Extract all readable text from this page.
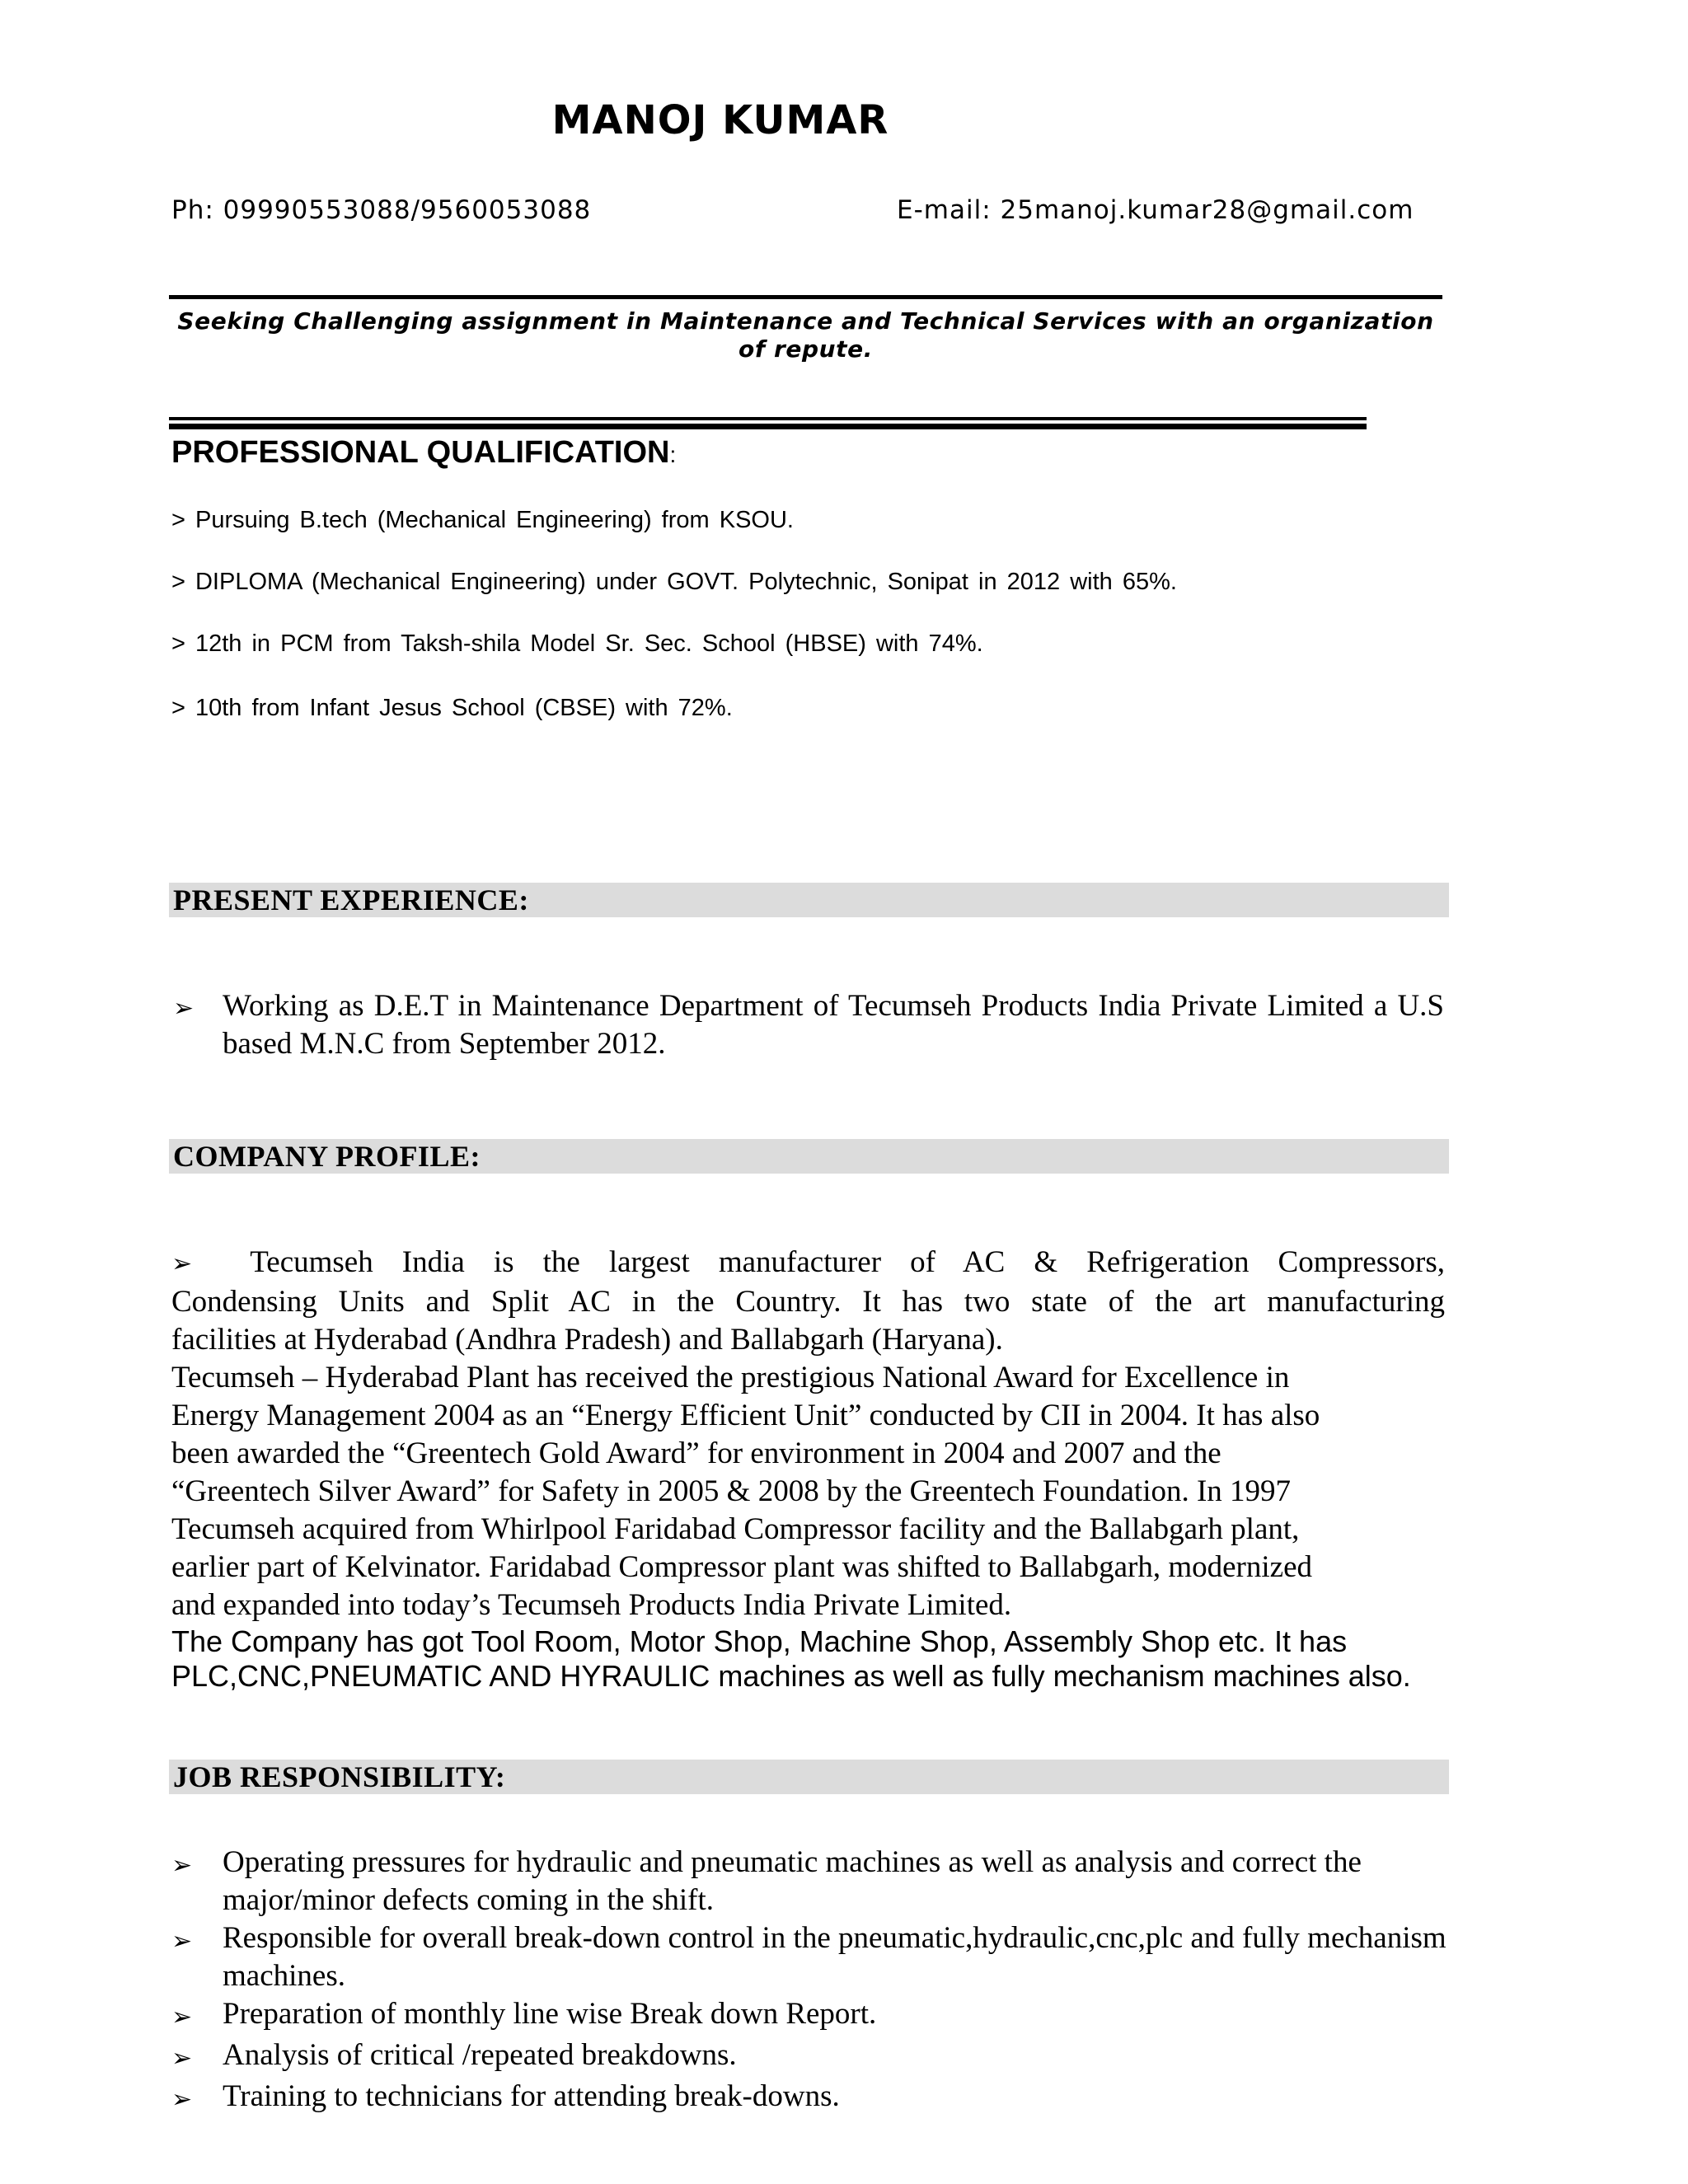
MANOJ KUMAR
Ph: 09990553088/9560053088	E-mail: 25manoj.kumar28@gmail.com
Seeking Challenging assignment in Maintenance and Technical Services with an organization of repute.
PROFESSIONAL QUALIFICATION:
> Pursuing B.tech (Mechanical Engineering) from KSOU.
> DIPLOMA (Mechanical Engineering) under GOVT. Polytechnic, Sonipat in 2012 with 65%.
> 12th in PCM from Taksh-shila Model Sr. Sec. School (HBSE) with 74%.
> 10th from Infant Jesus School (CBSE) with 72%.
PRESENT EXPERIENCE:
➢ Working as D.E.T in Maintenance Department of Tecumseh Products India Private Limited a U.S based M.N.C from September 2012.
COMPANY PROFILE:

➢ Tecumseh India is the largest manufacturer of AC & Refrigeration Compressors,

Condensing Units and Split AC in the Country. It has two state of the art manufacturing

facilities at Hyderabad (Andhra Pradesh) and Ballabgarh (Haryana).

Tecumseh – Hyderabad Plant has received the prestigious National Award for Excellence in

Energy Management 2004 as an “Energy Efficient Unit” conducted by CII in 2004. It has also

been awarded the “Greentech Gold Award” for environment in 2004 and 2007 and the

“Greentech Silver Award” for Safety in 2005 & 2008 by the Greentech Foundation. In 1997

Tecumseh acquired from Whirlpool Faridabad Compressor facility and the Ballabgarh plant,

earlier part of Kelvinator. Faridabad Compressor plant was shifted to Ballabgarh, modernized

and expanded into today’s Tecumseh Products India Private Limited.

The Company has got Tool Room, Motor Shop, Machine Shop, Assembly Shop etc. It has

PLC,CNC,PNEUMATIC AND HYRAULIC machines as well as fully mechanism machines also.

JOB RESPONSIBILITY:
➢ Operating pressures for hydraulic and pneumatic machines as well as analysis and correct the major/minor defects coming in the shift.
➢ Responsible for overall break-down control in the pneumatic,hydraulic,cnc,plc and fully mechanism machines.
➢ Preparation of monthly line wise Break down Report.
➢ Analysis of critical /repeated breakdowns.
➢ Training to technicians for attending break-downs.
